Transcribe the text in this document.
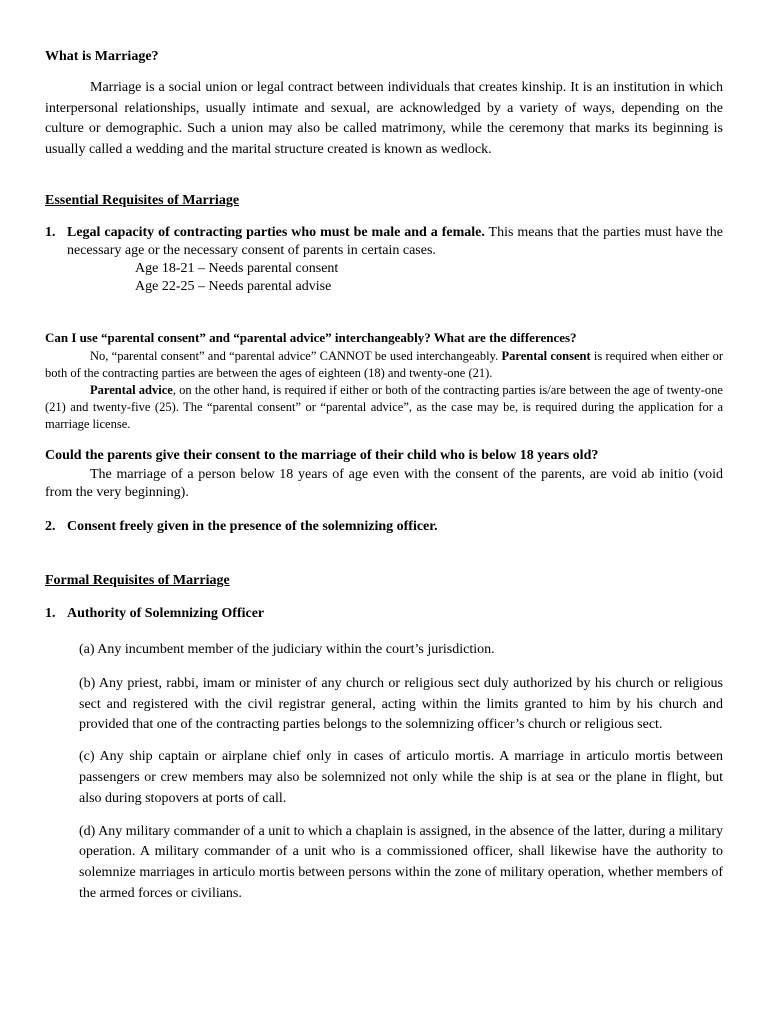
What is Marriage?

Marriage is a social union or legal contract between individuals that creates kinship. It is an institution in which interpersonal relationships, usually intimate and sexual, are acknowledged by a variety of ways, depending on the culture or demographic. Such a union may also be called matrimony, while the ceremony that marks its beginning is usually called a wedding and the marital structure created is known as wedlock.

Essential Requisites of Marriage

1. Legal capacity of contracting parties who must be male and a female. This means that the parties must have the necessary age or the necessary consent of parents in certain cases.

Age 18-21 – Needs parental consent

Age 22-25 – Needs parental advise

Can I use “parental consent” and “parental advice” interchangeably? What are the differences?

No, “parental consent” and “parental advice” CANNOT be used interchangeably. Parental consent is required when either or both of the contracting parties are between the ages of eighteen (18) and twenty-one (21).

Parental advice, on the other hand, is required if either or both of the contracting parties is/are between the age of twenty-one (21) and twenty-five (25). The “parental consent” or “parental advice”, as the case may be, is required during the application for a marriage license.

Could the parents give their consent to the marriage of their child who is below 18 years old?

The marriage of a person below 18 years of age even with the consent of the parents, are void ab initio (void from the very beginning).

2. Consent freely given in the presence of the solemnizing officer.

Formal Requisites of Marriage

1. Authority of Solemnizing Officer

(a) Any incumbent member of the judiciary within the court’s jurisdiction.

(b) Any priest, rabbi, imam or minister of any church or religious sect duly authorized by his church or religious sect and registered with the civil registrar general, acting within the limits granted to him by his church and provided that one of the contracting parties belongs to the solemnizing officer’s church or religious sect.

(c) Any ship captain or airplane chief only in cases of articulo mortis. A marriage in articulo mortis between passengers or crew members may also be solemnized not only while the ship is at sea or the plane in flight, but also during stopovers at ports of call.

(d) Any military commander of a unit to which a chaplain is assigned, in the absence of the latter, during a military operation. A military commander of a unit who is a commissioned officer, shall likewise have the authority to solemnize marriages in articulo mortis between persons within the zone of military operation, whether members of the armed forces or civilians.
